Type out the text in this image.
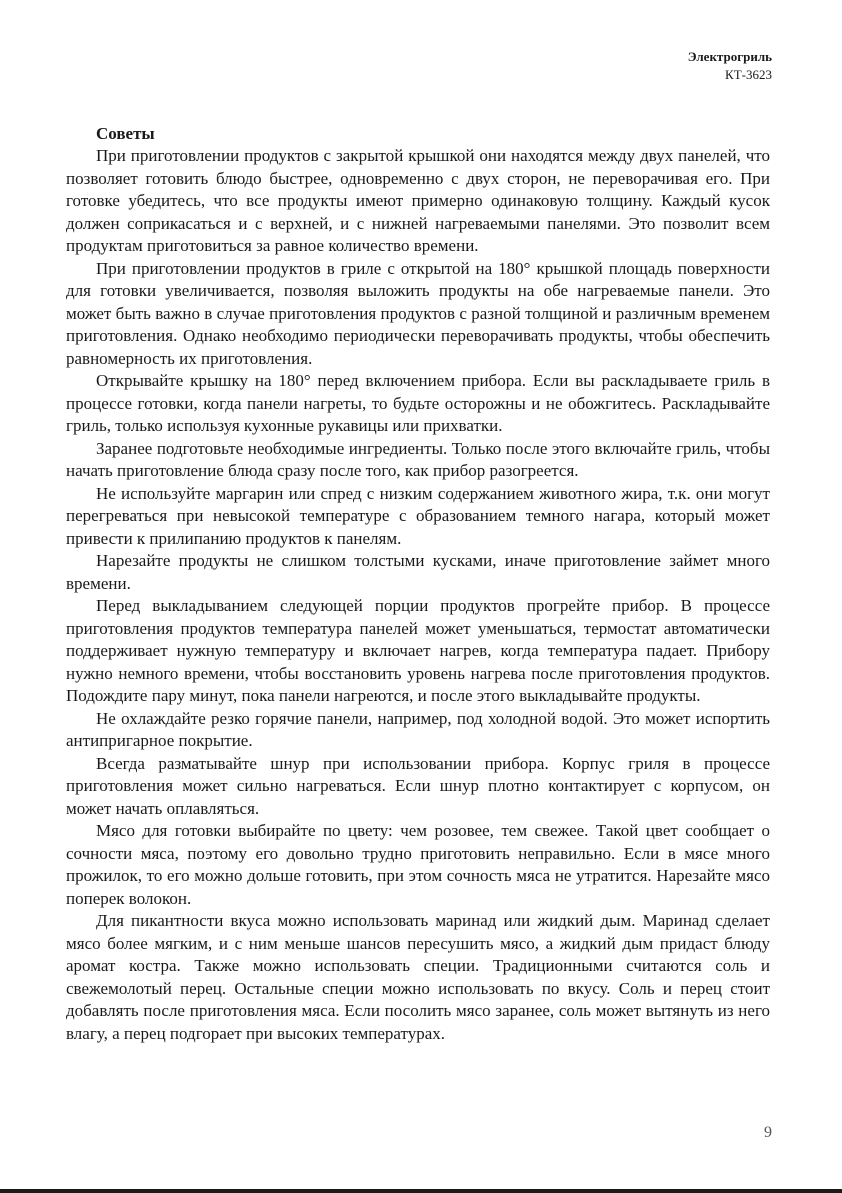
Электрогриль
КТ-3623
Советы

При приготовлении продуктов с закрытой крышкой они находятся между двух панелей, что позволяет готовить блюдо быстрее, одновременно с двух сторон, не переворачивая его. При готовке убедитесь, что все продукты имеют примерно одинаковую толщину. Каждый кусок должен соприкасаться и с верхней, и с нижней нагреваемыми панелями. Это позволит всем продуктам приготовиться за равное количество времени.

При приготовлении продуктов в гриле с открытой на 180° крышкой площадь поверхности для готовки увеличивается, позволяя выложить продукты на обе нагреваемые панели. Это может быть важно в случае приготовления продуктов с разной толщиной и различным временем приготовления. Однако необходимо периодически переворачивать продукты, чтобы обеспечить равномерность их приготовления.

Открывайте крышку на 180° перед включением прибора. Если вы раскладываете гриль в процессе готовки, когда панели нагреты, то будьте осторожны и не обожгитесь. Раскладывайте гриль, только используя кухонные рукавицы или прихватки.

Заранее подготовьте необходимые ингредиенты. Только после этого включайте гриль, чтобы начать приготовление блюда сразу после того, как прибор разогреется.

Не используйте маргарин или спред с низким содержанием животного жира, т.к. они могут перегреваться при невысокой температуре с образованием темного нагара, который может привести к прилипанию продуктов к панелям.

Нарезайте продукты не слишком толстыми кусками, иначе приготовление займет много времени.

Перед выкладыванием следующей порции продуктов прогрейте прибор. В процессе приготовления продуктов температура панелей может уменьшаться, термостат автоматически поддерживает нужную температуру и включает нагрев, когда температура падает. Прибору нужно немного времени, чтобы восстановить уровень нагрева после приготовления продуктов. Подождите пару минут, пока панели нагреются, и после этого выкладывайте продукты.

Не охлаждайте резко горячие панели, например, под холодной водой. Это может испортить антипригарное покрытие.

Всегда разматывайте шнур при использовании прибора. Корпус гриля в процессе приготовления может сильно нагреваться. Если шнур плотно контактирует с корпусом, он может начать оплавляться.

Мясо для готовки выбирайте по цвету: чем розовее, тем свежее. Такой цвет сообщает о сочности мяса, поэтому его довольно трудно приготовить неправильно. Если в мясе много прожилок, то его можно дольше готовить, при этом сочность мяса не утратится. Нарезайте мясо поперек волокон.

Для пикантности вкуса можно использовать маринад или жидкий дым. Маринад сделает мясо более мягким, и с ним меньше шансов пересушить мясо, а жидкий дым придаст блюду аромат костра. Также можно использовать специи. Традиционными считаются соль и свежемолотый перец. Остальные специи можно использовать по вкусу. Соль и перец стоит добавлять после приготовления мяса. Если посолить мясо заранее, соль может вытянуть из него влагу, а перец подгорает при высоких температурах.

9
